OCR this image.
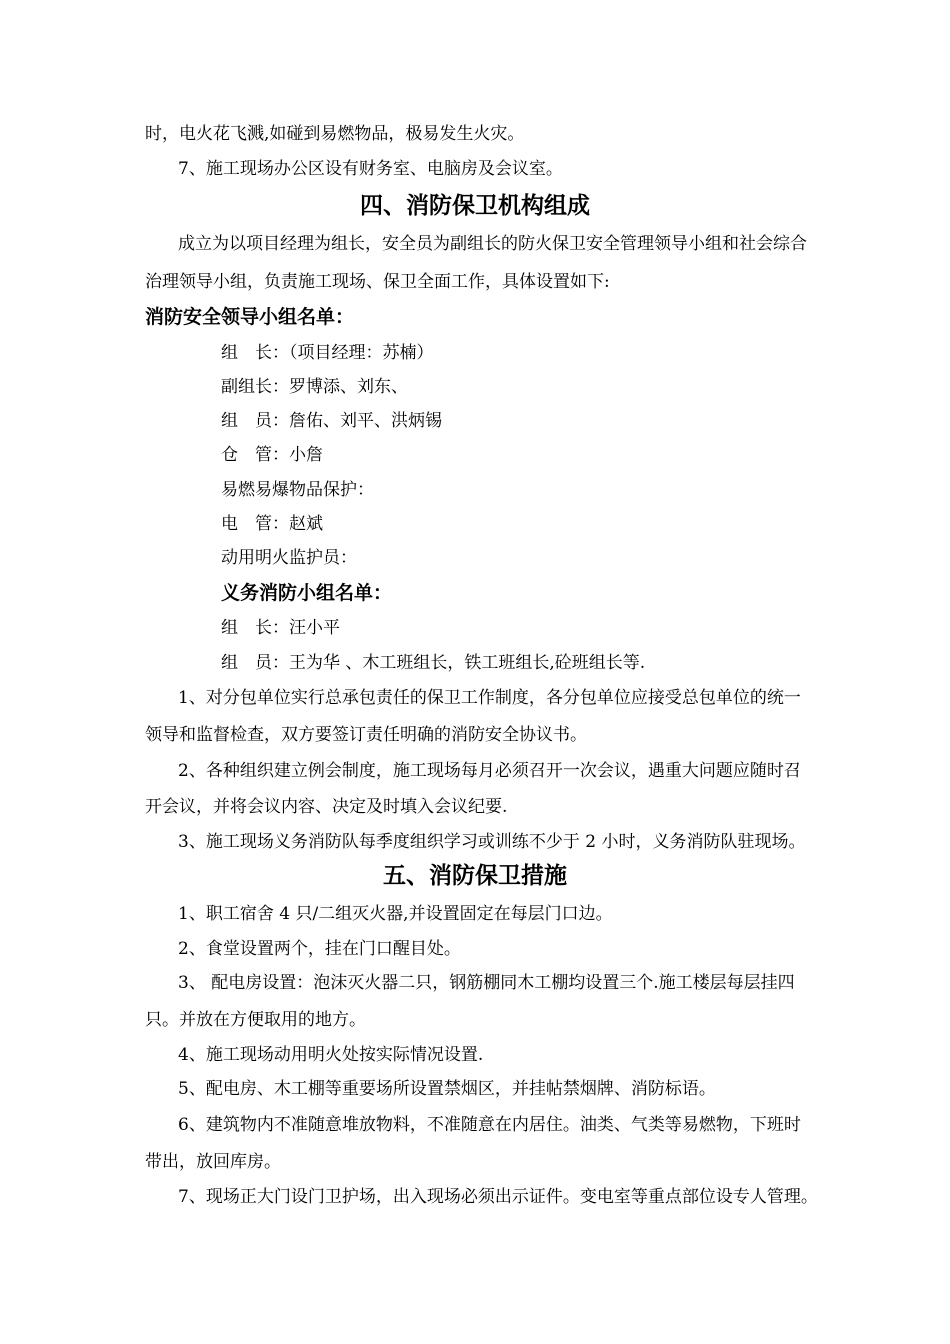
时，电火花飞溅,如碰到易燃物品，极易发生火灾。
7、施工现场办公区设有财务室、电脑房及会议室。
四、消防保卫机构组成
成立为以项目经理为组长，安全员为副组长的防火保卫安全管理领导小组和社会综合
治理领导小组，负责施工现场、保卫全面工作，具体设置如下:
消防安全领导小组名单：
组　长：（项目经理：苏楠）
副组长：罗博添、刘东、
组　员：詹佑、刘平、洪炳锡
仓　管：小詹
易燃易爆物品保护：
电　管：赵斌
动用明火监护员：
义务消防小组名单：
组　长：汪小平
组　员：王为华 、木工班组长，铁工班组长,砼班组长等.
1、对分包单位实行总承包责任的保卫工作制度，各分包单位应接受总包单位的统一
领导和监督检查，双方要签订责任明确的消防安全协议书。
2、各种组织建立例会制度，施工现场每月必须召开一次会议，遇重大问题应随时召
开会议，并将会议内容、决定及时填入会议纪要.
3、施工现场义务消防队每季度组织学习或训练不少于 2 小时，义务消防队驻现场。
五、消防保卫措施
1、职工宿舍 4 只/二组灭火器,并设置固定在每层门口边。
2、食堂设置两个，挂在门口醒目处。
3、 配电房设置：泡沫灭火器二只，钢筋棚同木工棚均设置三个.施工楼层每层挂四
只。并放在方便取用的地方。
4、施工现场动用明火处按实际情况设置.
5、配电房、木工棚等重要场所设置禁烟区，并挂帖禁烟牌、消防标语。
6、建筑物内不准随意堆放物料，不准随意在内居住。油类、气类等易燃物，下班时
带出，放回库房。
7、现场正大门设门卫护场，出入现场必须出示证件。变电室等重点部位设专人管理。
